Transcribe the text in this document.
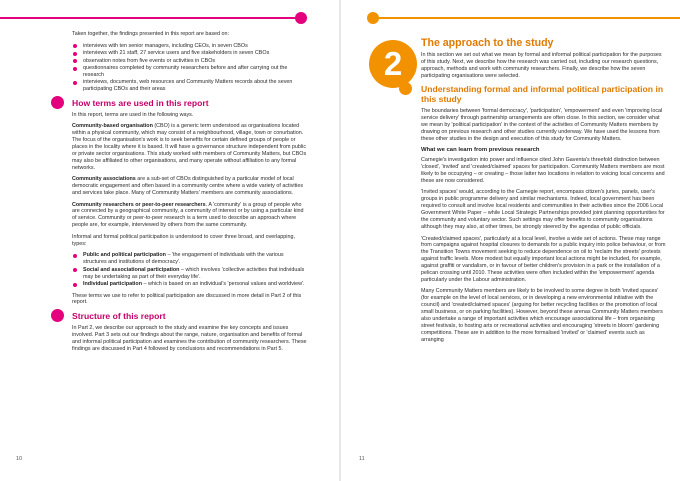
Taken together, the findings presented in this report are based on:

interviews with ten senior managers, including CEOs, in seven CBOs
interviews with 21 staff, 27 service users and five stakeholders in seven CBOs
observation notes from five events or activities in CBOs
questionnaires completed by community researchers before and after carrying out the research
interviews, documents, web resources and Community Matters records about the seven participating CBOs and their areas
How terms are used in this report

In this report, terms are used in the following ways.

Community-based organisation (CBO) is a generic term understood as organisations located within a physical community, which may consist of a neighbourhood, village, town or conurbation. The focus of the organisation's work is to seek benefits for certain defined groups of people or places in the locality where it is based. It will have a governance structure independent from public or private sector organisations. This study worked with members of Community Matters, but CBOs may also be affiliated to other organisations, and many operate without affiliation to any formal networks.

Community associations are a sub-set of CBOs distinguished by a particular model of local democratic engagement and often based in a community centre where a wide variety of activities and services take place. Many of Community Matters' members are community associations.

Community researchers or peer-to-peer researchers. A 'community' is a group of people who are connected by a geographical community, a community of interest or by using a particular kind of service. Community or peer-to-peer research is a term used to describe an approach where people are, for example, interviewed by others from the same community.

Informal and formal political participation is understood to cover three broad, and overlapping, types:

Public and political participation – 'the engagement of individuals with the various structures and institutions of democracy'.
Social and associational participation – which involves 'collective activities that individuals may be undertaking as part of their everyday life'.
Individual participation – which is based on an individual's 'personal values and worldview'.

These terms we use to refer to political participation are discussed in more detail in Part 2 of this report.

Structure of this report

In Part 2, we describe our approach to the study and examine the key concepts and issues involved. Part 3 sets out our findings about the range, nature, organisation and benefits of formal and informal political participation and examines the contribution of community researchers. These findings are discussed in Part 4 followed by conclusions and recommendations in Part 5.

10
2
The approach to the study

In this section we set out what we mean by formal and informal political participation for the purposes of this study. Next, we describe how the research was carried out, including our research questions, approach, methods and work with community researchers. Finally, we describe how the seven participating organisations were selected.

Understanding formal and informal political participation in this study

The boundaries between 'formal democracy', 'participation', 'empowerment' and even 'improving local service delivery' through partnership arrangements are often close. In this section, we consider what we mean by 'political participation' in the context of the activities of Community Matters members by drawing on previous research and other studies currently underway. We have used the lessons from these other studies in the design and execution of this study for Community Matters.

What we can learn from previous research

Carnegie's investigation into power and influence cited John Gaventa's threefold distinction between 'closed', 'invited' and 'created/claimed' spaces for participation. Community Matters members are most likely to be occupying – or creating – those latter two locations in relation to voicing local concerns and these are now considered.

'Invited spaces' would, according to the Carnegie report, encompass citizen's juries, panels, user's groups in public programme delivery and similar mechanisms. Indeed, local government has been required to consult and involve local residents and communities in their activities since the 2006 Local Government White Paper – while Local Strategic Partnerships provided joint planning opportunities for the community and voluntary sector. Such settings may offer benefits to community organisations although they may also, at other times, be strongly steered by the agendas of public officials.

'Created/claimed spaces', particularly at a local level, involve a wide set of actions. These may range from campaigns against hospital closures to demands for a public inquiry into police behaviour, or from the Transition Towns movement seeking to reduce dependence on oil to 'reclaim the streets' protests against traffic levels. More modest but equally important local actions might be included, for example, against graffiti or vandalism, or in favour of better children's provision in a park or the installation of a pelican crossing until 2010. These activities were often included within the 'empowerment' agenda particularly under the Labour administration.

Many Community Matters members are likely to be involved to some degree in both 'invited spaces' (for example on the level of local services, or in developing a new environmental initiative with the council) and 'created/claimed spaces' (arguing for better recycling facilities or the promotion of local small business, or on parking facilities). However, beyond these arenas Community Matters members also undertake a range of important activities which encourage associational life – from organising street festivals, to hosting arts or recreational activities and encouraging 'streets in bloom' gardening competitions. These are in addition to the more formalised 'invited' or 'claimed' events such as arranging

11
